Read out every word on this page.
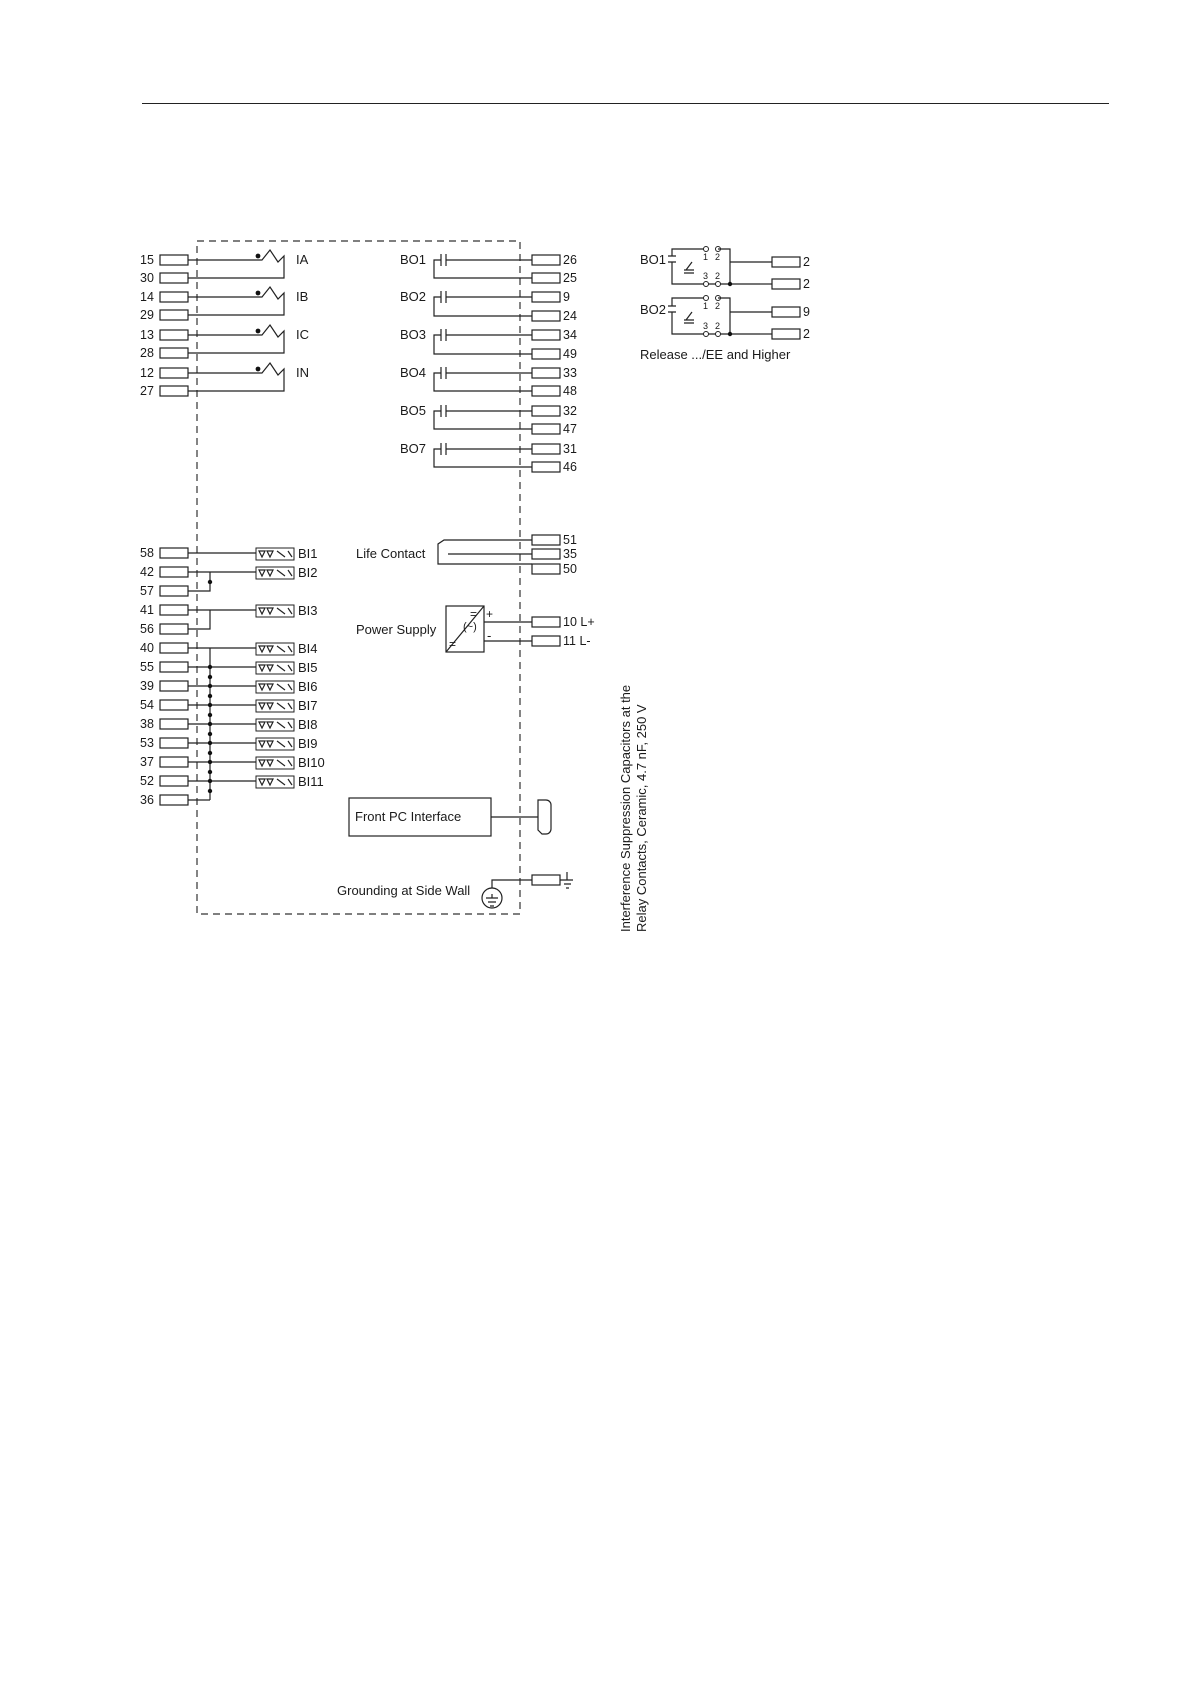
15
30
IA
14
29
IB
13
28
IC
12
27
IN
BO1	26
25
BO2	9
24
BO3	34
49
BO4	33
48
BO5	32
47
BO7	31
46
Life Contact
51
35
50
Power Supply
=
(~)
=
+
-
10 L+
11 L-
Front PC Interface
Grounding at Side Wall
58
42
57
41
56
40
55
39
54
38
53
37
52
36
BI1
BI2
BI3
BI4
BI5
BI6
BI7
BI8
BI9
BI10
BI11
BO1	1 2
3 2
2
2
BO2	1 2
3 2
9
2
Release .../EE and Higher
Interference Suppression Capacitors at the Relay Contacts, Ceramic, 4.7 nF, 250 V
